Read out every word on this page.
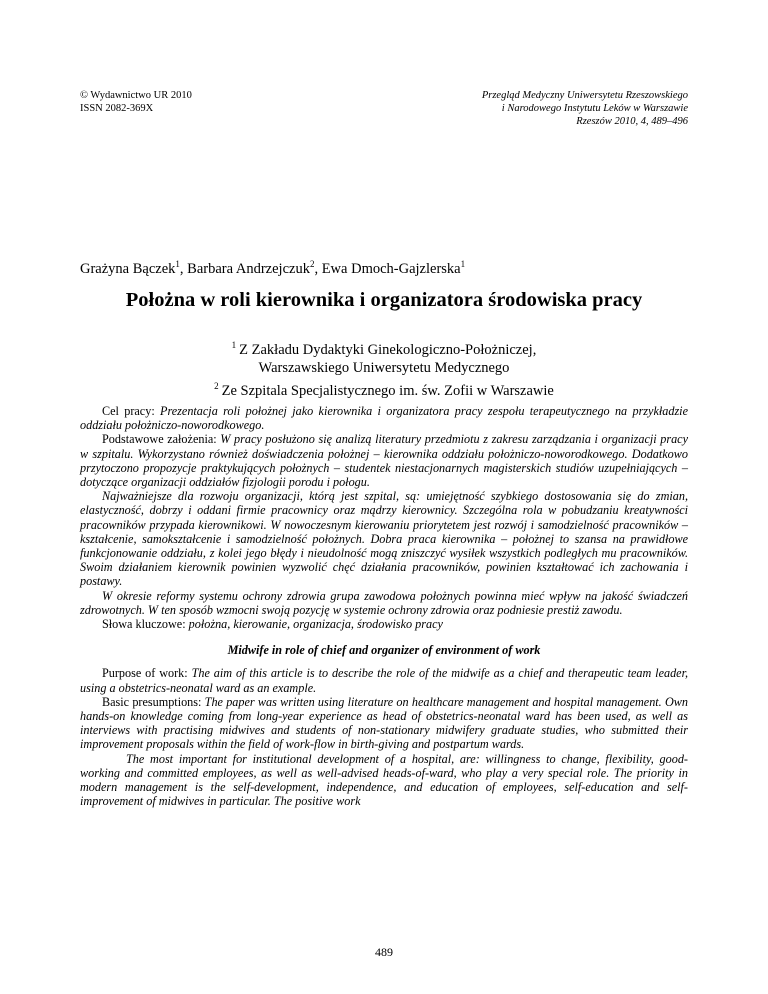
© Wydawnictwo UR 2010
ISSN 2082-369X
Przegląd Medyczny Uniwersytetu Rzeszowskiego
i Narodowego Instytutu Leków w Warszawie
Rzeszów 2010, 4, 489–496
Grażyna Bączek$^1$, Barbara Andrzejczuk$^2$, Ewa Dmoch-Gajzlerska$^1$
Położna w roli kierownika i organizatora środowiska pracy
$^1$ Z Zakładu Dydaktyki Ginekologiczno-Położniczej,
Warszawskiego Uniwersytetu Medycznego
$^2$ Ze Szpitala Specjalistycznego im. św. Zofii w Warszawie

Cel pracy: Prezentacja roli położnej jako kierownika i organizatora pracy zespołu terapeutycznego na przykładzie oddziału położniczo-noworodkowego.

Podstawowe założenia: W pracy posłużono się analizą literatury przedmiotu z zakresu zarządzania i organizacji pracy w szpitalu. Wykorzystano również doświadczenia położnej – kierownika oddziału położniczo-noworodkowego. Dodatkowo przytoczono propozycje praktykujących położnych – studentek niestacjonarnych magisterskich studiów uzupełniających – dotyczące organizacji oddziałów fizjologii porodu i połogu.

Najważniejsze dla rozwoju organizacji, którą jest szpital, są: umiejętność szybkiego dostosowania się do zmian, elastyczność, dobrzy i oddani firmie pracownicy oraz mądrzy kierownicy. Szczególna rola w pobudzaniu kreatywności pracowników przypada kierownikowi. W nowoczesnym kierowaniu priorytetem jest rozwój i samodzielność pracowników – kształcenie, samokształcenie i samodzielność położnych. Dobra praca kierownika – położnej to szansa na prawidłowe funkcjonowanie oddziału, z kolei jego błędy i nieudolność mogą zniszczyć wysiłek wszystkich podległych mu pracowników. Swoim działaniem kierownik powinien wyzwolić chęć działania pracowników, powinien kształtować ich zachowania i postawy.

W okresie reformy systemu ochrony zdrowia grupa zawodowa położnych powinna mieć wpływ na jakość świadczeń zdrowotnych. W ten sposób wzmocni swoją pozycję w systemie ochrony zdrowia oraz podniesie prestiż zawodu.

Słowa kluczowe: położna, kierowanie, organizacja, środowisko pracy

Midwife in role of chief and organizer of environment of work

Purpose of work: The aim of this article is to describe the role of the midwife as a chief and therapeutic team leader, using a obstetrics-neonatal ward as an example.

Basic presumptions: The paper was written using literature on healthcare management and hospital management. Own hands-on knowledge coming from long-year experience as head of obstetrics-neonatal ward has been used, as well as interviews with practising midwives and students of non-stationary midwifery graduate studies, who submitted their improvement proposals within the field of work-flow in birth-giving and postpartum wards.

The most important for institutional development of a hospital, are: willingness to change, flexibility, good-working and committed employees, as well as well-advised heads-of-ward, who play a very special role. The priority in modern management is the self-development, independence, and education of employees, self-education and self-improvement of midwives in particular. The positive work

489
